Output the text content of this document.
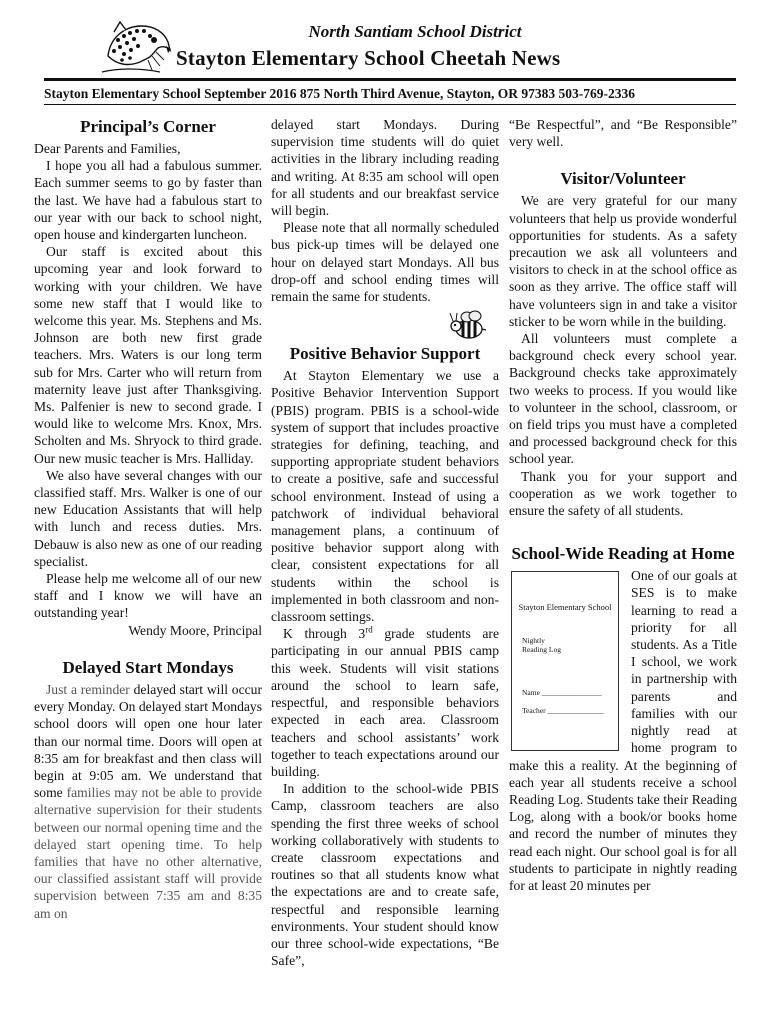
North Santiam School District
Stayton Elementary School Cheetah News
Stayton Elementary School September 2016 875 North Third Avenue, Stayton, OR 97383 503-769-2336
Principal’s Corner

Dear Parents and Families,

I hope you all had a fabulous summer. Each summer seems to go by faster than the last. We have had a fabulous start to our year with our back to school night, open house and kindergarten luncheon.

Our staff is excited about this upcoming year and look forward to working with your children. We have some new staff that I would like to welcome this year. Ms. Stephens and Ms. Johnson are both new first grade teachers. Mrs. Waters is our long term sub for Mrs. Carter who will return from maternity leave just after Thanksgiving. Ms. Palfenier is new to second grade. I would like to welcome Mrs. Knox, Mrs. Scholten and Ms. Shryock to third grade. Our new music teacher is Mrs. Halliday.

We also have several changes with our classified staff. Mrs. Walker is one of our new Education Assistants that will help with lunch and recess duties. Mrs. Debauw is also new as one of our reading specialist.

Please help me welcome all of our new staff and I know we will have an outstanding year!

Wendy Moore, Principal

Delayed Start Mondays

Just a reminder delayed start will occur every Monday. On delayed start Mondays school doors will open one hour later than our normal time. Doors will open at 8:35 am for breakfast and then class will begin at 9:05 am. We understand that some families may not be able to provide alternative supervision for their students between our normal opening time and the delayed start opening time. To help families that have no other alternative, our classified assistant staff will provide supervision between 7:35 am and 8:35 am on

delayed start Mondays. During supervision time students will do quiet activities in the library including reading and writing. At 8:35 am school will open for all students and our breakfast service will begin.

Please note that all normally scheduled bus pick-up times will be delayed one hour on delayed start Mondays. All bus drop-off and school ending times will remain the same for students.

Positive Behavior Support

At Stayton Elementary we use a Positive Behavior Intervention Support (PBIS) program. PBIS is a school-wide system of support that includes proactive strategies for defining, teaching, and supporting appropriate student behaviors to create a positive, safe and successful school environment. Instead of using a patchwork of individual behavioral management plans, a continuum of positive behavior support along with clear, consistent expectations for all students within the school is implemented in both classroom and non-classroom settings.

K through 3rd grade students are participating in our annual PBIS camp this week. Students will visit stations around the school to learn safe, respectful, and responsible behaviors expected in each area. Classroom teachers and school assistants’ work together to teach expectations around our building.

In addition to the school-wide PBIS Camp, classroom teachers are also spending the first three weeks of school working collaboratively with students to create classroom expectations and routines so that all students know what the expectations are and to create safe, respectful and responsible learning environments. Your student should know our three school-wide expectations, “Be Safe”,

“Be Respectful”, and “Be Responsible” very well.

Visitor/Volunteer

We are very grateful for our many volunteers that help us provide wonderful opportunities for students. As a safety precaution we ask all volunteers and visitors to check in at the school office as soon as they arrive. The office staff will have volunteers sign in and take a visitor sticker to be worn while in the building.

All volunteers must complete a background check every school year. Background checks take approximately two weeks to process. If you would like to volunteer in the school, classroom, or on field trips you must have a completed and processed background check for this school year.

Thank you for your support and cooperation as we work together to ensure the safety of all students.

School-Wide Reading at Home
Stayton Elementary School
Nightly Reading Log
Name ________________
Teacher _______________

One of our goals at SES is to make learning to read a priority for all students. As a Title I school, we work in partnership with parents and families with our nightly read at home program to make this a reality. At the beginning of each year all students receive a school Reading Log. Students take their Reading Log, along with a book/or books home and record the number of minutes they read each night. Our school goal is for all students to participate in nightly reading for at least 20 minutes per
